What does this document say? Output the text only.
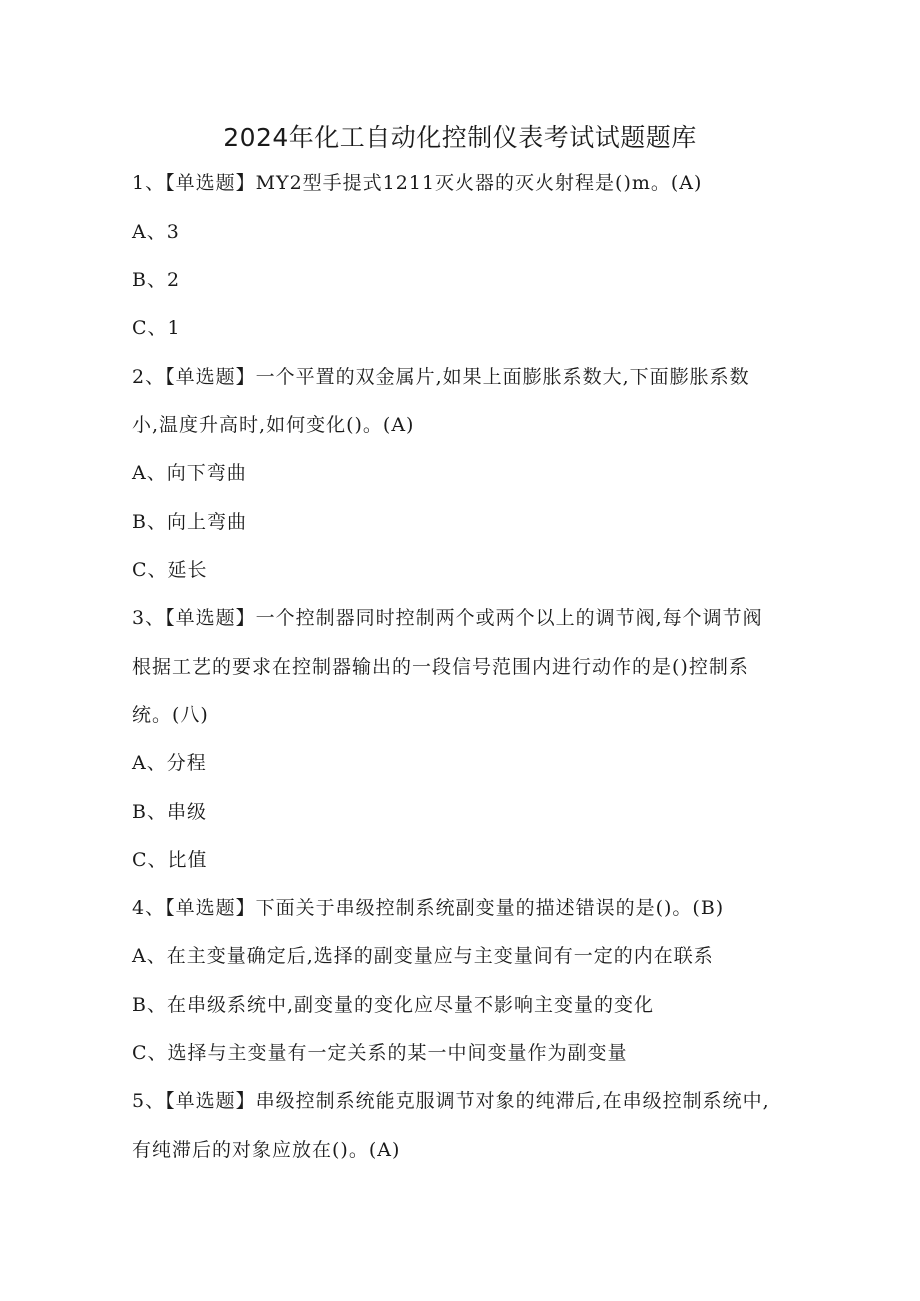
2024年化工自动化控制仪表考试试题题库
1、【单选题】MY2型手提式1211灭火器的灭火射程是()m。(A)
A、3
B、2
C、1
2、【单选题】一个平置的双金属片,如果上面膨胀系数大,下面膨胀系数
小,温度升高时,如何变化()。(A)
A、向下弯曲
B、向上弯曲
C、延长
3、【单选题】一个控制器同时控制两个或两个以上的调节阀,每个调节阀
根据工艺的要求在控制器输出的一段信号范围内进行动作的是()控制系
统。(八)
A、分程
B、串级
C、比值
4、【单选题】下面关于串级控制系统副变量的描述错误的是()。(B)
A、在主变量确定后,选择的副变量应与主变量间有一定的内在联系
B、在串级系统中,副变量的变化应尽量不影响主变量的变化
C、选择与主变量有一定关系的某一中间变量作为副变量
5、【单选题】串级控制系统能克服调节对象的纯滞后,在串级控制系统中,
有纯滞后的对象应放在()。(A)
